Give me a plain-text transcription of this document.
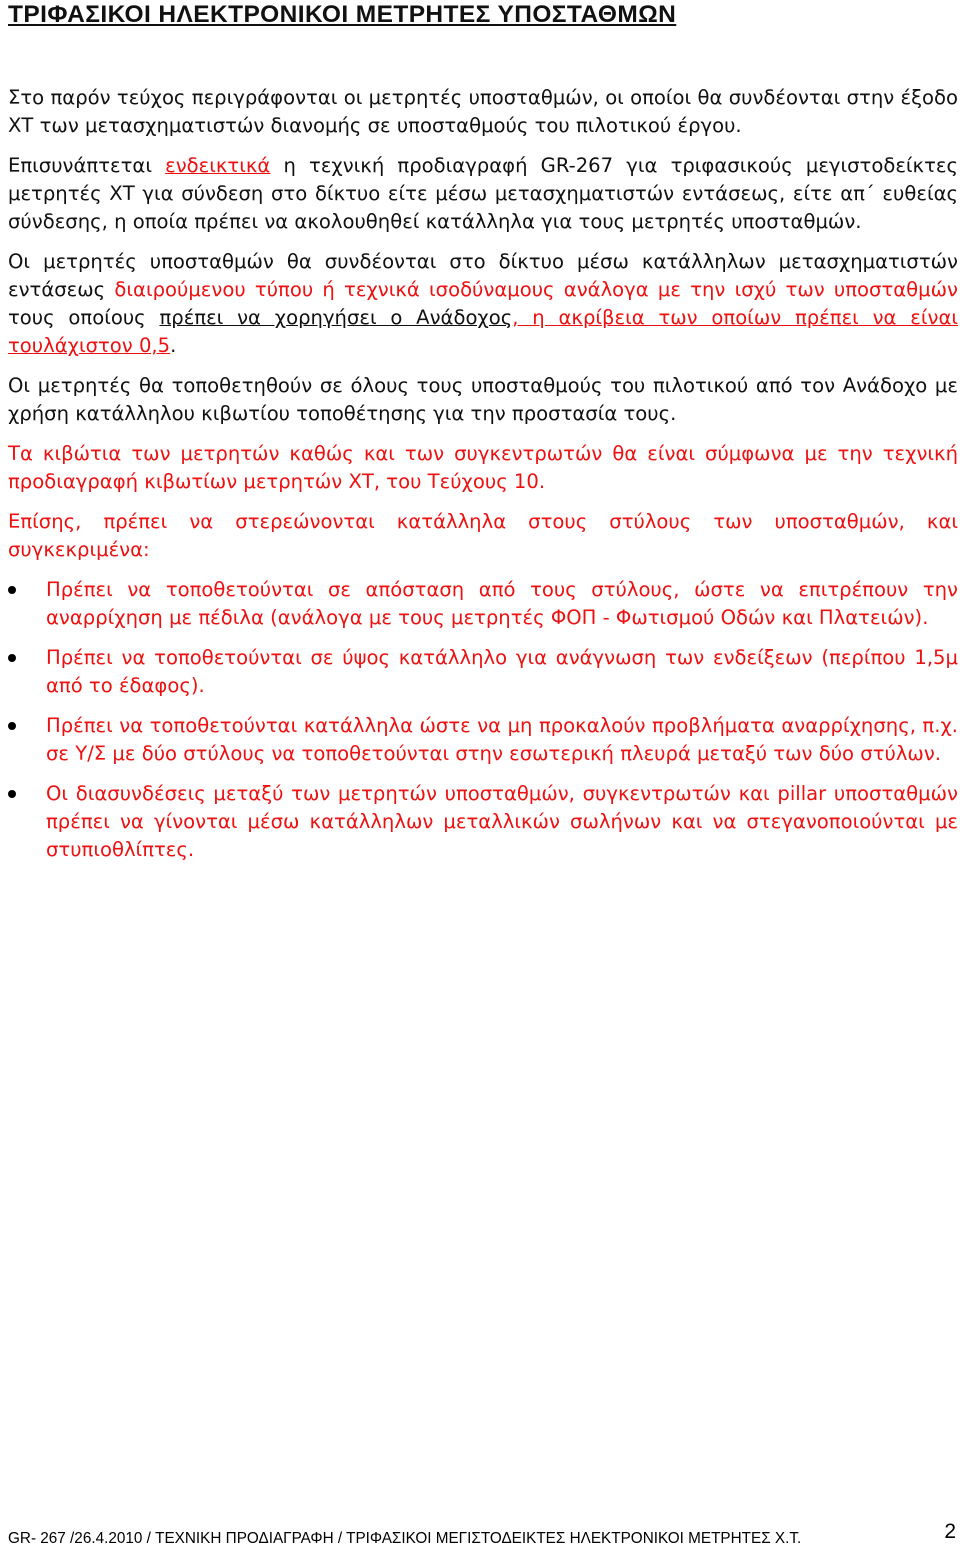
ΤΡΙΦΑΣΙΚΟΙ ΗΛΕΚΤΡΟΝΙΚΟΙ ΜΕΤΡΗΤΕΣ ΥΠΟΣΤΑΘΜΩΝ

Στο παρόν τεύχος περιγράφονται οι μετρητές υποσταθμών, οι οποίοι θα συνδέονται στην έξοδο ΧΤ των μετασχηματιστών διανομής σε υποσταθμούς του πιλοτικού έργου.

Επισυνάπτεται ενδεικτικά η τεχνική προδιαγραφή GR-267 για τριφασικούς μεγιστοδείκτες μετρητές ΧΤ για σύνδεση στο δίκτυο είτε μέσω μετασχηματιστών εντάσεως, είτε απ΄ ευθείας σύνδεσης, η οποία πρέπει να ακολουθηθεί κατάλληλα για τους μετρητές υποσταθμών.

Οι μετρητές υποσταθμών θα συνδέονται στο δίκτυο μέσω κατάλληλων μετασχηματιστών εντάσεως διαιρούμενου τύπου ή τεχνικά ισοδύναμους ανάλογα με την ισχύ των υποσταθμών τους οποίους πρέπει να χορηγήσει ο Ανάδοχος, η ακρίβεια των οποίων πρέπει να είναι τουλάχιστον 0,5.

Οι μετρητές θα τοποθετηθούν σε όλους τους υποσταθμούς του πιλοτικού από τον Ανάδοχο με χρήση κατάλληλου κιβωτίου τοποθέτησης για την προστασία τους.

Τα κιβώτια των μετρητών καθώς και των συγκεντρωτών θα είναι σύμφωνα με την τεχνική προδιαγραφή κιβωτίων μετρητών ΧΤ, του Τεύχους 10.

Επίσης, πρέπει να στερεώνονται κατάλληλα στους στύλους των υποσταθμών, και συγκεκριμένα:

Πρέπει να τοποθετούνται σε απόσταση από τους στύλους, ώστε να επιτρέπουν την αναρρίχηση με πέδιλα (ανάλογα με τους μετρητές ΦΟΠ - Φωτισμού Οδών και Πλατειών).
Πρέπει να τοποθετούνται σε ύψος κατάλληλο για ανάγνωση των ενδείξεων (περίπου 1,5μ από το έδαφος).
Πρέπει να τοποθετούνται κατάλληλα ώστε να μη προκαλούν προβλήματα αναρρίχησης, π.χ. σε Υ/Σ με δύο στύλους να τοποθετούνται στην εσωτερική πλευρά μεταξύ των δύο στύλων.
Οι διασυνδέσεις μεταξύ των μετρητών υποσταθμών, συγκεντρωτών και pillar υποσταθμών πρέπει να γίνονται μέσω κατάλληλων μεταλλικών σωλήνων και να στεγανοποιούνται με στυπιοθλίπτες.

GR- 267 /26.4.2010 / ΤΕΧΝΙΚΗ ΠΡΟΔΙΑΓΡΑΦΗ / ΤΡΙΦΑΣΙΚΟΙ ΜΕΓΙΣΤΟΔΕΙΚΤΕΣ ΗΛΕΚΤΡΟΝΙΚΟΙ ΜΕΤΡΗΤΕΣ Χ.Τ.	2
